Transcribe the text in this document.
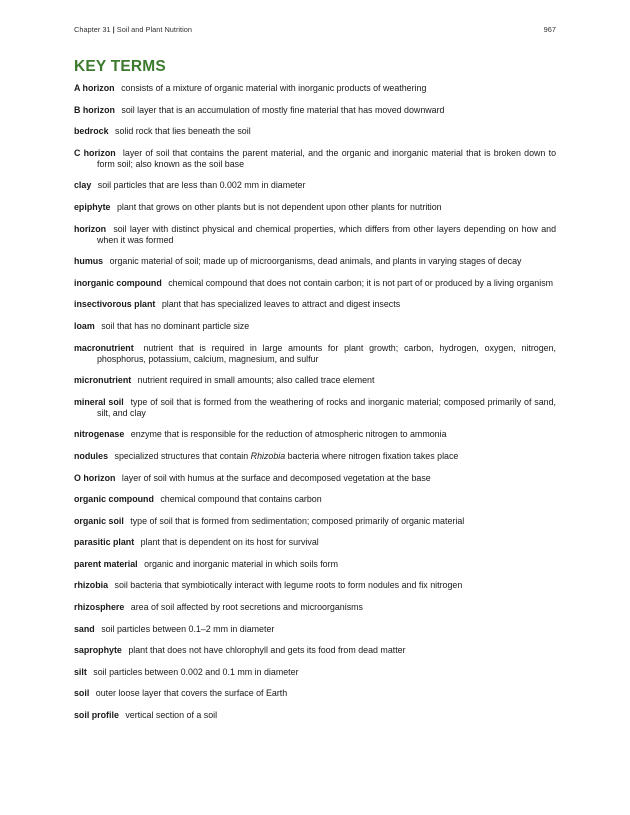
Chapter 31 | Soil and Plant Nutrition	967
KEY TERMS
A horizon consists of a mixture of organic material with inorganic products of weathering
B horizon soil layer that is an accumulation of mostly fine material that has moved downward
bedrock solid rock that lies beneath the soil
C horizon layer of soil that contains the parent material, and the organic and inorganic material that is broken down to form soil; also known as the soil base
clay soil particles that are less than 0.002 mm in diameter
epiphyte plant that grows on other plants but is not dependent upon other plants for nutrition
horizon soil layer with distinct physical and chemical properties, which differs from other layers depending on how and when it was formed
humus organic material of soil; made up of microorganisms, dead animals, and plants in varying stages of decay
inorganic compound chemical compound that does not contain carbon; it is not part of or produced by a living organism
insectivorous plant plant that has specialized leaves to attract and digest insects
loam soil that has no dominant particle size
macronutrient nutrient that is required in large amounts for plant growth; carbon, hydrogen, oxygen, nitrogen, phosphorus, potassium, calcium, magnesium, and sulfur
micronutrient nutrient required in small amounts; also called trace element
mineral soil type of soil that is formed from the weathering of rocks and inorganic material; composed primarily of sand, silt, and clay
nitrogenase enzyme that is responsible for the reduction of atmospheric nitrogen to ammonia
nodules specialized structures that contain Rhizobia bacteria where nitrogen fixation takes place
O horizon layer of soil with humus at the surface and decomposed vegetation at the base
organic compound chemical compound that contains carbon
organic soil type of soil that is formed from sedimentation; composed primarily of organic material
parasitic plant plant that is dependent on its host for survival
parent material organic and inorganic material in which soils form
rhizobia soil bacteria that symbiotically interact with legume roots to form nodules and fix nitrogen
rhizosphere area of soil affected by root secretions and microorganisms
sand soil particles between 0.1–2 mm in diameter
saprophyte plant that does not have chlorophyll and gets its food from dead matter
silt soil particles between 0.002 and 0.1 mm in diameter
soil outer loose layer that covers the surface of Earth
soil profile vertical section of a soil
